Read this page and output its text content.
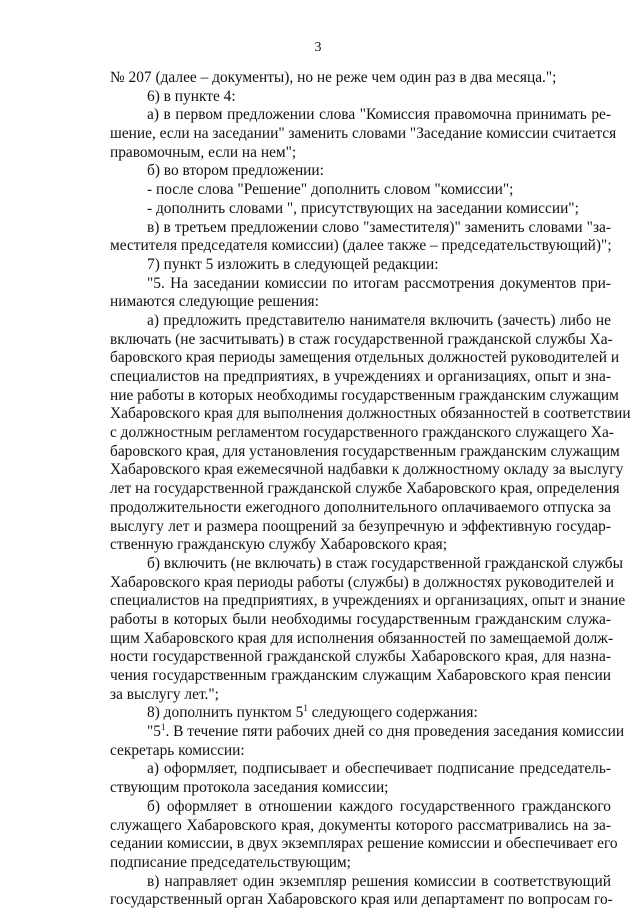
3
№ 207 (далее – документы), но не реже чем один раз в два месяца.";
6) в пункте 4:
а) в первом предложении слова "Комиссия правомочна принимать ре-
шение, если на заседании" заменить словами "Заседание комиссии считается
правомочным, если на нем";
б) во втором предложении:
- после слова "Решение" дополнить словом "комиссии";
- дополнить словами ", присутствующих на заседании комиссии";
в) в третьем предложении слово "заместителя)" заменить словами "за-
местителя председателя комиссии) (далее также – председательствующий)";
7) пункт 5 изложить в следующей редакции:
"5. На заседании комиссии по итогам рассмотрения документов при-
нимаются следующие решения:
а) предложить представителю нанимателя включить (зачесть) либо не
включать (не засчитывать) в стаж государственной гражданской службы Ха-
баровского края периоды замещения отдельных должностей руководителей и
специалистов на предприятиях, в учреждениях и организациях, опыт и зна-
ние работы в которых необходимы государственным гражданским служащим
Хабаровского края для выполнения должностных обязанностей в соответствии
с должностным регламентом государственного гражданского служащего Ха-
баровского края, для установления государственным гражданским служащим
Хабаровского края ежемесячной надбавки к должностному окладу за выслугу
лет на государственной гражданской службе Хабаровского края, определения
продолжительности ежегодного дополнительного оплачиваемого отпуска за
выслугу лет и размера поощрений за безупречную и эффективную государ-
ственную гражданскую службу Хабаровского края;
б) включить (не включать) в стаж государственной гражданской службы
Хабаровского края периоды работы (службы) в должностях руководителей и
специалистов на предприятиях, в учреждениях и организациях, опыт и знание
работы в которых были необходимы государственным гражданским служа-
щим Хабаровского края для исполнения обязанностей по замещаемой долж-
ности государственной гражданской службы Хабаровского края, для назна-
чения государственным гражданским служащим Хабаровского края пенсии
за выслугу лет.";
8) дополнить пунктом $5^1$ следующего содержания:
"$5^1$. В течение пяти рабочих дней со дня проведения заседания комиссии
секретарь комиссии:
а) оформляет, подписывает и обеспечивает подписание председатель-
ствующим протокола заседания комиссии;
б) оформляет в отношении каждого государственного гражданского
служащего Хабаровского края, документы которого рассматривались на за-
седании комиссии, в двух экземплярах решение комиссии и обеспечивает его
подписание председательствующим;
в) направляет один экземпляр решения комиссии в соответствующий
государственный орган Хабаровского края или департамент по вопросам го-
